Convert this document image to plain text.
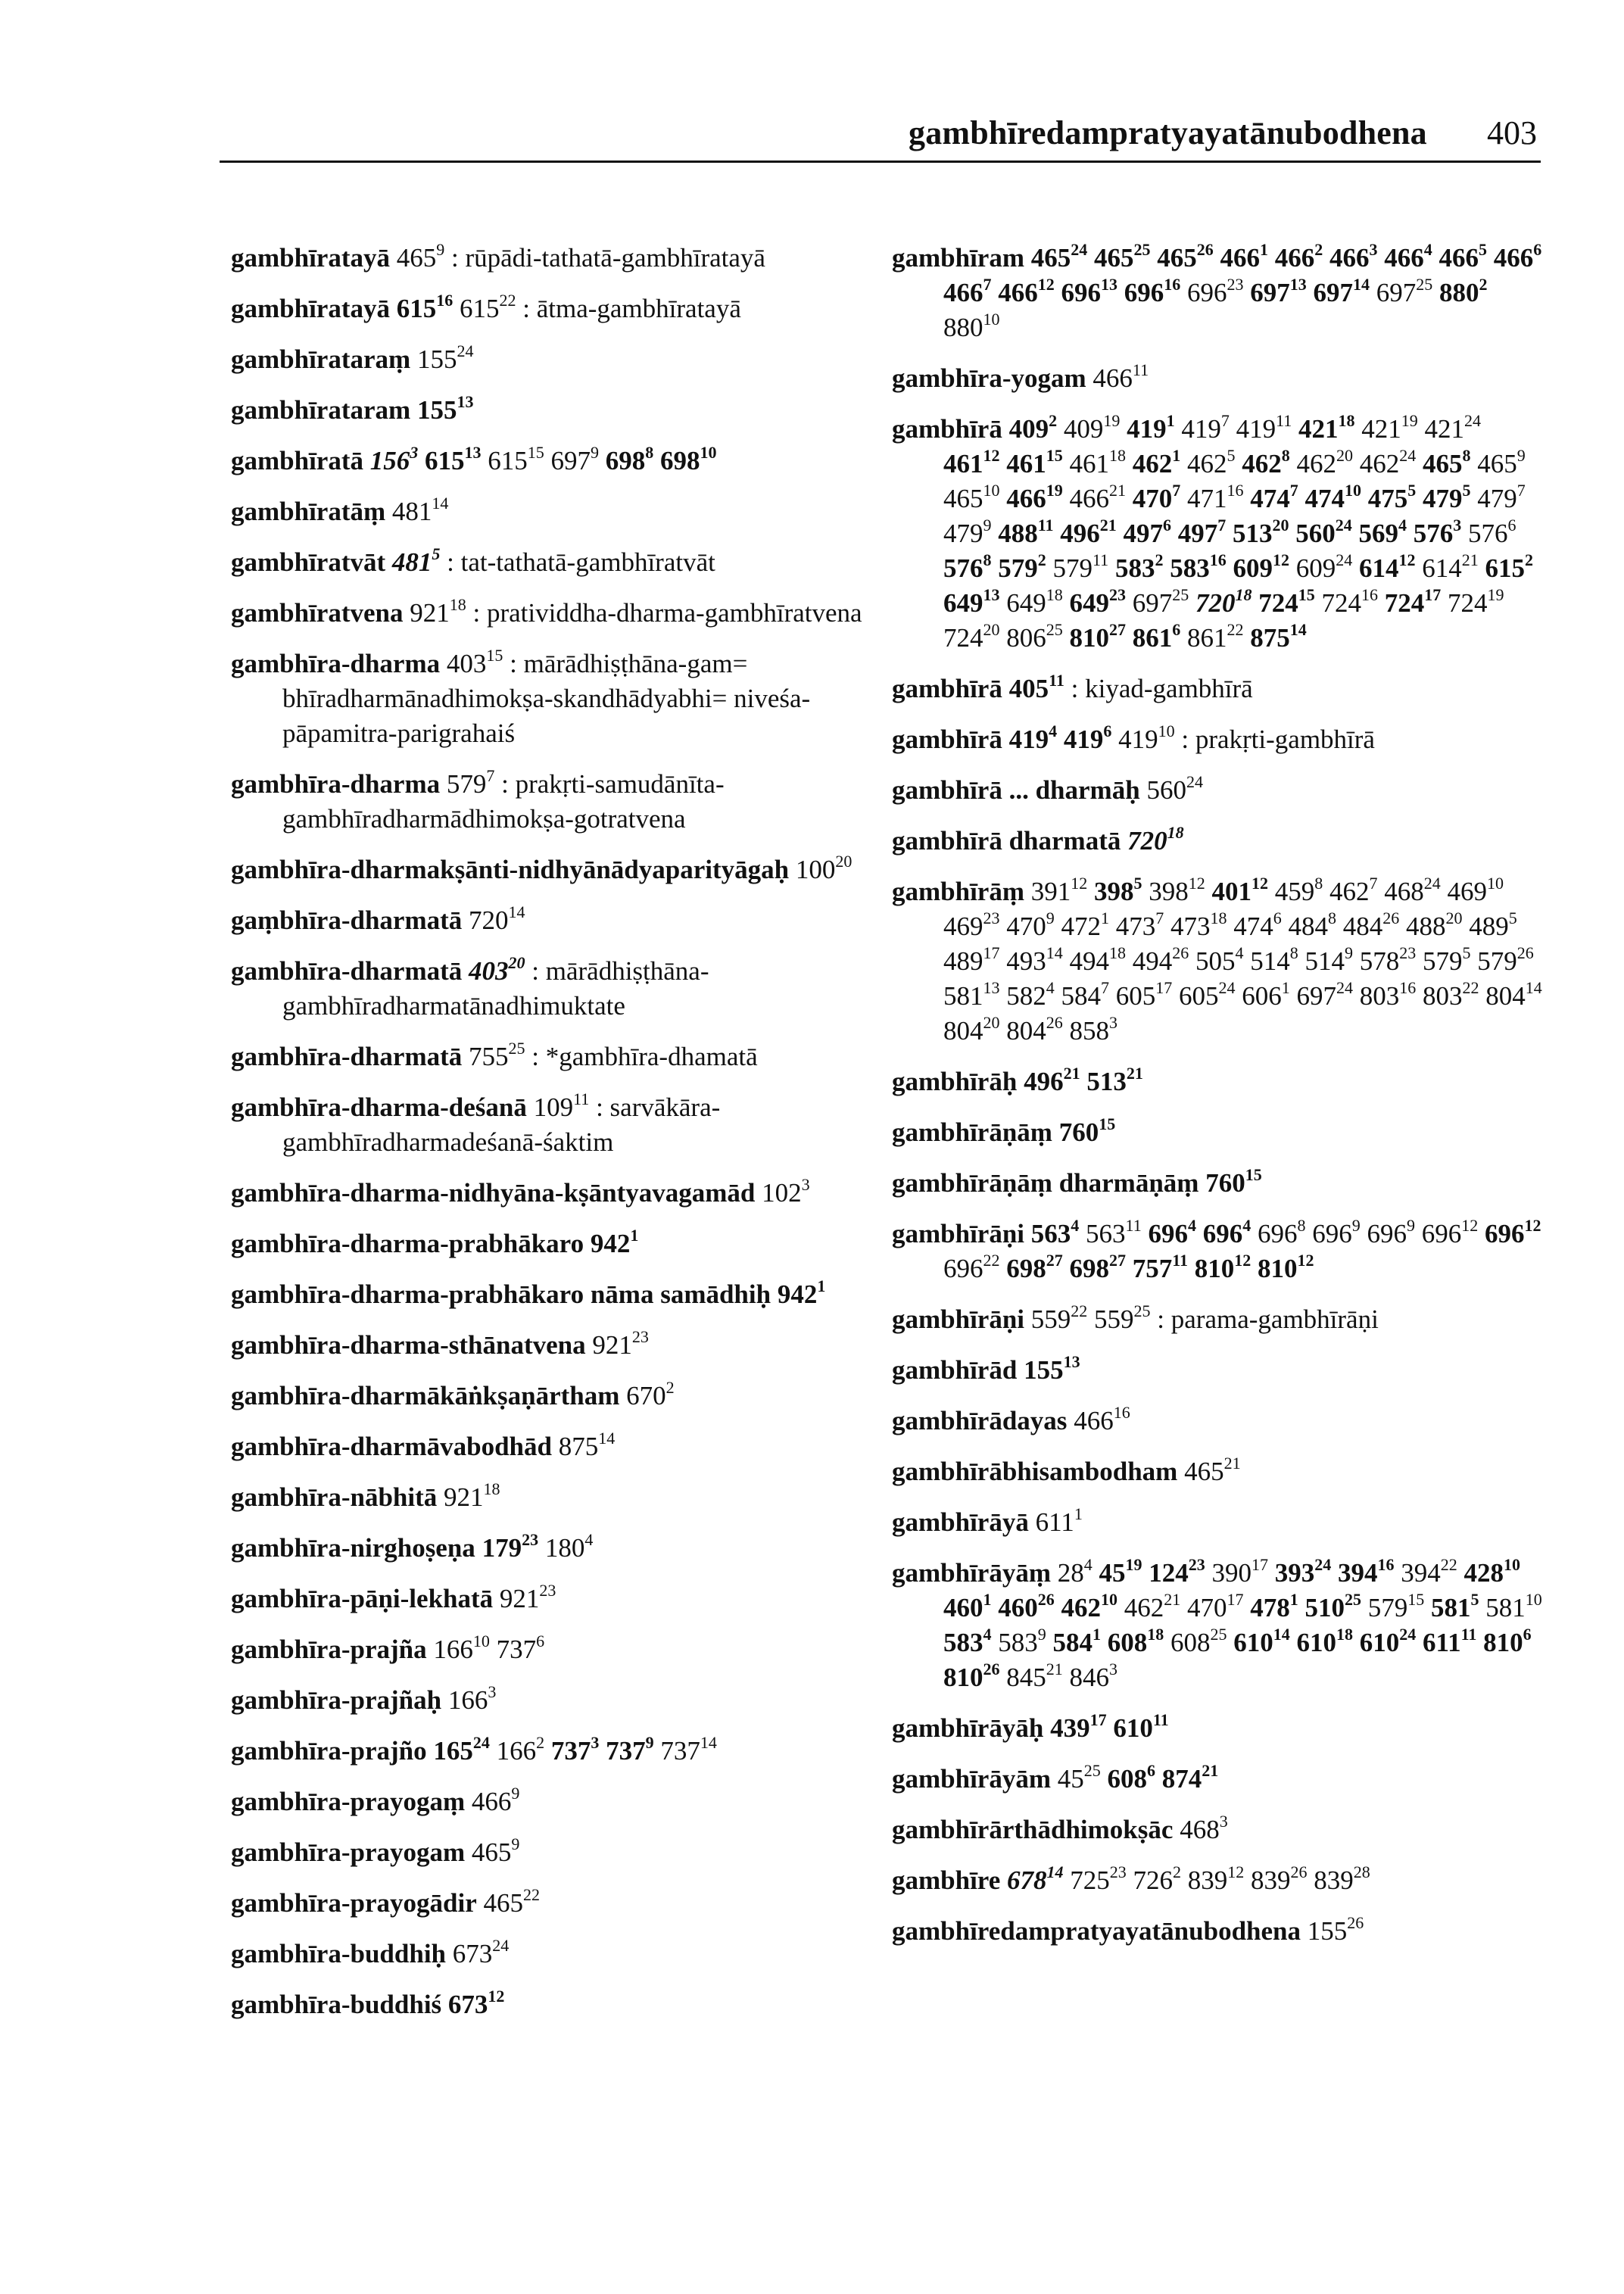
gambhīredampratyayatānubodhena	403
gambhīratayā $465^9$ : rūpādi-tathatā-gambhīratayā
gambhīratayā $615^{16}$ $615^{22}$ : ātma-gambhīratayā
gambhīrataraṃ $155^{24}$
gambhīrataram $155^{13}$
gambhīratā $156^3$ $615^{13}$ $615^{15}$ $697^9$ $698^8$ $698^{10}$
gambhīratāṃ $481^{14}$
gambhīratvāt $481^5$ : tat-tathatā-gambhīratvāt
gambhīratvena $921^{18}$ : pratividdha-dharma-gambhīratvena
gambhīra-dharma $403^{15}$ : mārādhiṣṭhāna-gam= bhīradharmānadhimokṣa-skandhādyabhi= niveśa-pāpamitra-parigrahaiś
gambhīra-dharma $579^7$ : prakṛti-samudānīta-gambhīradharmādhimokṣa-gotratvena
gambhīra-dharmakṣānti-nidhyānādyaparityāgaḥ $100^{20}$
gaṃbhīra-dharmatā $720^{14}$
gambhīra-dharmatā $403^{20}$ : mārādhiṣṭhāna-gambhīradharmatānadhimuktate
gambhīra-dharmatā $755^{25}$ : *gambhīra-dhamatā
gambhīra-dharma-deśanā $109^{11}$ : sarvākāra-gambhīradharmadeśanā-śaktim
gambhīra-dharma-nidhyāna-kṣāntyavagamād $102^3$
gambhīra-dharma-prabhākaro $942^1$
gambhīra-dharma-prabhākaro nāma samādhiḥ $942^1$
gambhīra-dharma-sthānatvena $921^{23}$
gambhīra-dharmākāṅkṣaṇārtham $670^2$
gambhīra-dharmāvabodhād $875^{14}$
gambhīra-nābhitā $921^{18}$
gambhīra-nirghoṣeṇa $179^{23}$ $180^4$
gambhīra-pāṇi-lekhatā $921^{23}$
gambhīra-prajña $166^{10}$ $737^6$
gambhīra-prajñaḥ $166^3$
gambhīra-prajño $165^{24}$ $166^2$ $737^3$ $737^9$ $737^{14}$
gambhīra-prayogaṃ $466^9$
gambhīra-prayogam $465^9$
gambhīra-prayogādir $465^{22}$
gambhīra-buddhiḥ $673^{24}$
gambhīra-buddhiś $673^{12}$
gambhīram $465^{24}$ $465^{25}$ $465^{26}$ $466^1$ $466^2$ $466^3$ $466^4$ $466^5$ $466^6$ $466^7$ $466^{12}$ $696^{13}$ $696^{16}$ $696^{23}$ $697^{13}$ $697^{14}$ $697^{25}$ $880^2$ $880^{10}$
gambhīra-yogam $466^{11}$
gambhīrā $409^2$ $409^{19}$ $419^1$ $419^7$ $419^{11}$ $421^{18}$ $421^{19}$ $421^{24}$ $461^{12}$ $461^{15}$ $461^{18}$ $462^1$ $462^5$ $462^8$ $462^{20}$ $462^{24}$ $465^8$ $465^9$ $465^{10}$ $466^{19}$ $466^{21}$ $470^7$ $471^{16}$ $474^7$ $474^{10}$ $475^5$ $479^5$ $479^7$ $479^9$ $488^{11}$ $496^{21}$ $497^6$ $497^7$ $513^{20}$ $560^{24}$ $569^4$ $576^3$ $576^6$ $576^8$ $579^2$ $579^{11}$ $583^2$ $583^{16}$ $609^{12}$ $609^{24}$ $614^{12}$ $614^{21}$ $615^2$ $649^{13}$ $649^{18}$ $649^{23}$ $697^{25}$ $720^{18}$ $724^{15}$ $724^{16}$ $724^{17}$ $724^{19}$ $724^{20}$ $806^{25}$ $810^{27}$ $861^6$ $861^{22}$ $875^{14}$
gambhīrā $405^{11}$ : kiyad-gambhīrā
gambhīrā $419^4$ $419^6$ $419^{10}$ : prakṛti-gambhīrā
gambhīrā ... dharmāḥ $560^{24}$
gambhīrā dharmatā $720^{18}$
gambhīrāṃ $391^{12}$ $398^5$ $398^{12}$ $401^{12}$ $459^8$ $462^7$ $468^{24}$ $469^{10}$ $469^{23}$ $470^9$ $472^1$ $473^7$ $473^{18}$ $474^6$ $484^8$ $484^{26}$ $488^{20}$ $489^5$ $489^{17}$ $493^{14}$ $494^{18}$ $494^{26}$ $505^4$ $514^8$ $514^9$ $578^{23}$ $579^5$ $579^{26}$ $581^{13}$ $582^4$ $584^7$ $605^{17}$ $605^{24}$ $606^1$ $697^{24}$ $803^{16}$ $803^{22}$ $804^{14}$ $804^{20}$ $804^{26}$ $858^3$
gambhīrāḥ $496^{21}$ $513^{21}$
gambhīrāṇāṃ $760^{15}$
gambhīrāṇāṃ dharmāṇāṃ $760^{15}$
gambhīrāṇi $563^4$ $563^{11}$ $696^4$ $696^4$ $696^8$ $696^9$ $696^9$ $696^{12}$ $696^{12}$ $696^{22}$ $698^{27}$ $698^{27}$ $757^{11}$ $810^{12}$ $810^{12}$
gambhīrāṇi $559^{22}$ $559^{25}$ : parama-gambhīrāṇi
gambhīrād $155^{13}$
gambhīrādayas $466^{16}$
gambhīrābhisambodham $465^{21}$
gambhīrāyā $611^1$
gambhīrāyāṃ $28^4$ $45^{19}$ $124^{23}$ $390^{17}$ $393^{24}$ $394^{16}$ $394^{22}$ $428^{10}$ $460^1$ $460^{26}$ $462^{10}$ $462^{21}$ $470^{17}$ $478^1$ $510^{25}$ $579^{15}$ $581^5$ $581^{10}$ $583^4$ $583^9$ $584^1$ $608^{18}$ $608^{25}$ $610^{14}$ $610^{18}$ $610^{24}$ $611^{11}$ $810^6$ $810^{26}$ $845^{21}$ $846^3$
gambhīrāyāḥ $439^{17}$ $610^{11}$
gambhīrāyām $45^{25}$ $608^6$ $874^{21}$
gambhīrārthādhimokṣāc $468^3$
gambhīre $678^{14}$ $725^{23}$ $726^2$ $839^{12}$ $839^{26}$ $839^{28}$
gambhīredampratyayatānubodhena $155^{26}$
